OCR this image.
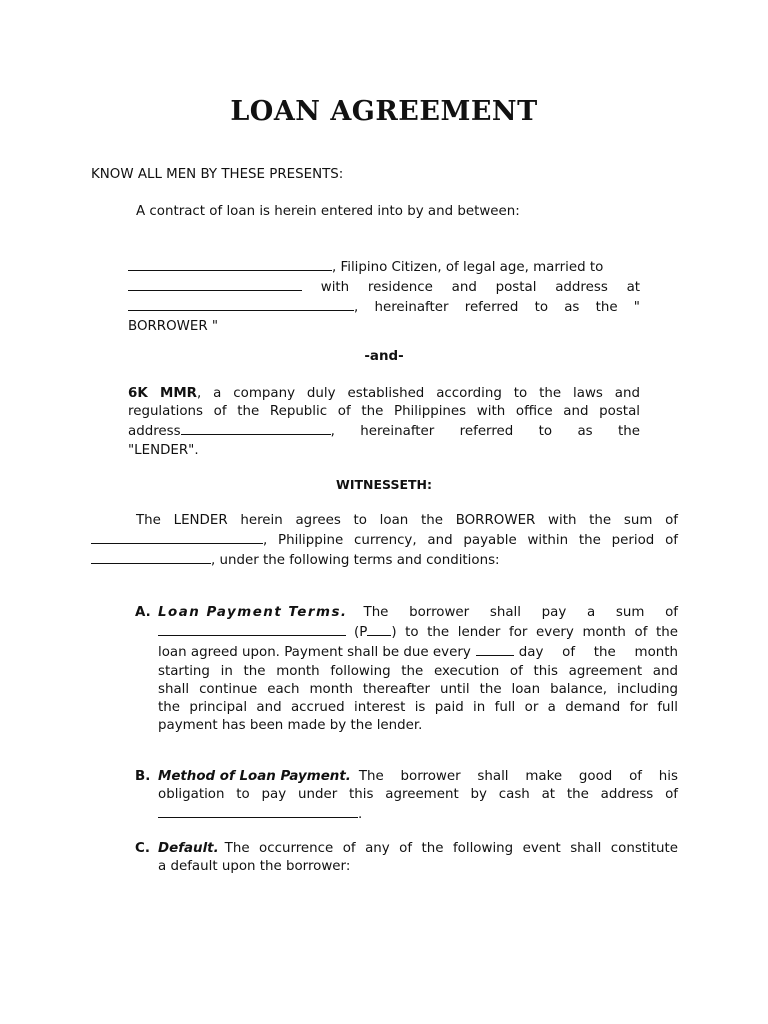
LOAN AGREEMENT
KNOW ALL MEN BY THESE PRESENTS:
A contract of loan is herein entered into by and between:
, Filipino Citizen, of legal age, married to
with residence and postal address at
, hereinafter referred to as the "
BORROWER "
-and-
6K MMR, a company duly established according to the laws and
regulations of the Republic of the Philippines with office and postal
address	, hereinafter referred to as the
"LENDER".
WITNESSETH:
The LENDER herein agrees to loan the BORROWER with the sum of
, Philippine currency, and payable within the period of
, under the following terms and conditions:
A. Loan Payment Terms. The borrower shall pay a sum of
(P ) to the lender for every month of the
loan agreed upon. Payment shall be due every	day of the month
starting in the month following the execution of this agreement and
shall continue each month thereafter until the loan balance, including
the principal and accrued interest is paid in full or a demand for full
payment has been made by the lender.
B. Method of Loan Payment. The borrower shall make good of his
obligation to pay under this agreement by cash at the address of
.
C. Default. The occurrence of any of the following event shall constitute
a default upon the borrower:
